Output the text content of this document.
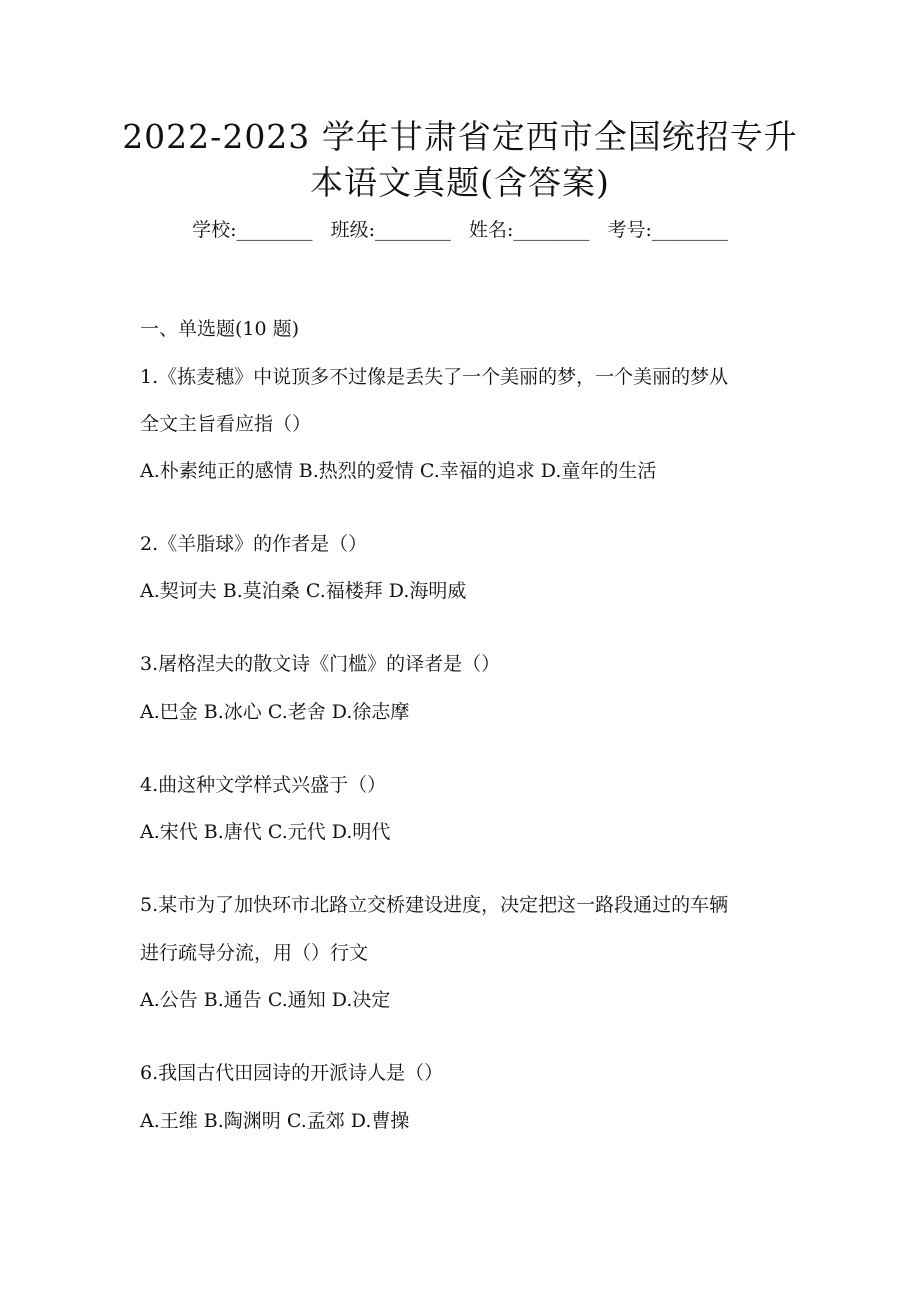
2022-2023 学年甘肃省定西市全国统招专升
本语文真题(含答案)
学校:________ 班级:________ 姓名:________ 考号:________
一、单选题(10 题)
1.《拣麦穗》中说顶多不过像是丢失了一个美丽的梦，一个美丽的梦从
全文主旨看应指（）
A.朴素纯正的感情 B.热烈的爱情 C.幸福的追求 D.童年的生活
2.《羊脂球》的作者是（）
A.契诃夫 B.莫泊桑 C.福楼拜 D.海明威
3.屠格涅夫的散文诗《门槛》的译者是（）
A.巴金 B.冰心 C.老舍 D.徐志摩
4.曲这种文学样式兴盛于（）
A.宋代 B.唐代 C.元代 D.明代
5.某市为了加快环市北路立交桥建设进度，决定把这一路段通过的车辆
进行疏导分流，用（）行文
A.公告 B.通告 C.通知 D.决定
6.我国古代田园诗的开派诗人是（）
A.王维 B.陶渊明 C.孟郊 D.曹操
